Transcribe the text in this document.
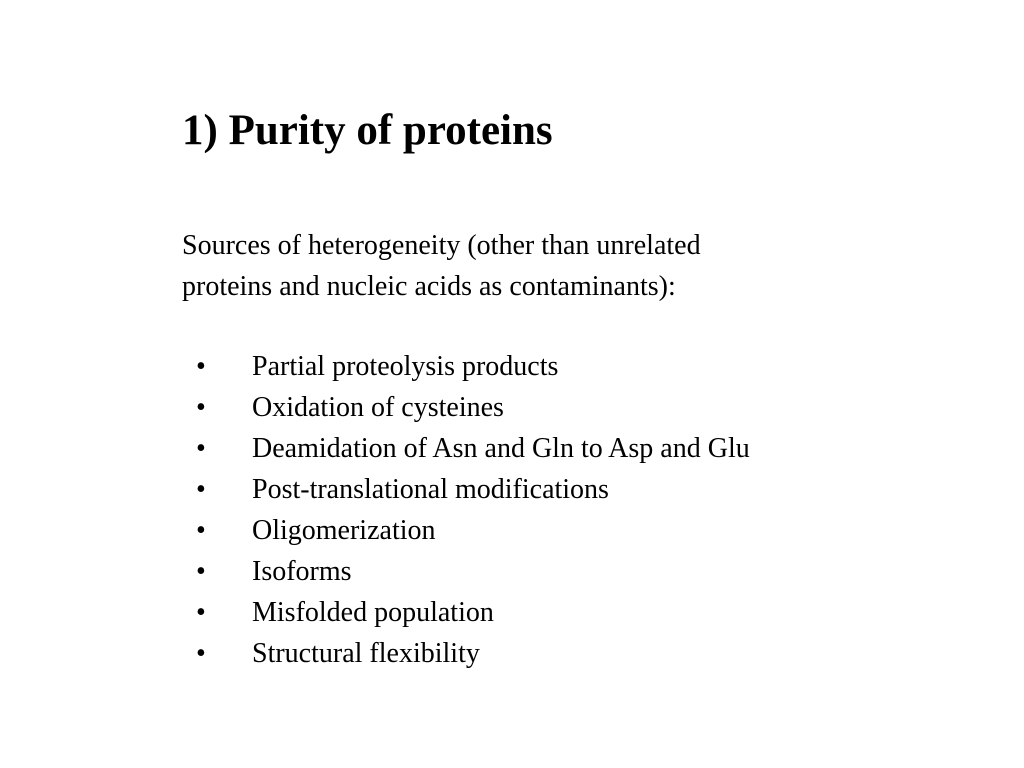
1) Purity of proteins

Sources of heterogeneity (other than unrelated
proteins and nucleic acids as contaminants):

• Partial proteolysis products
• Oxidation of cysteines
• Deamidation of Asn and Gln to Asp and Glu
• Post-translational modifications
• Oligomerization
• Isoforms
• Misfolded population
• Structural flexibility
